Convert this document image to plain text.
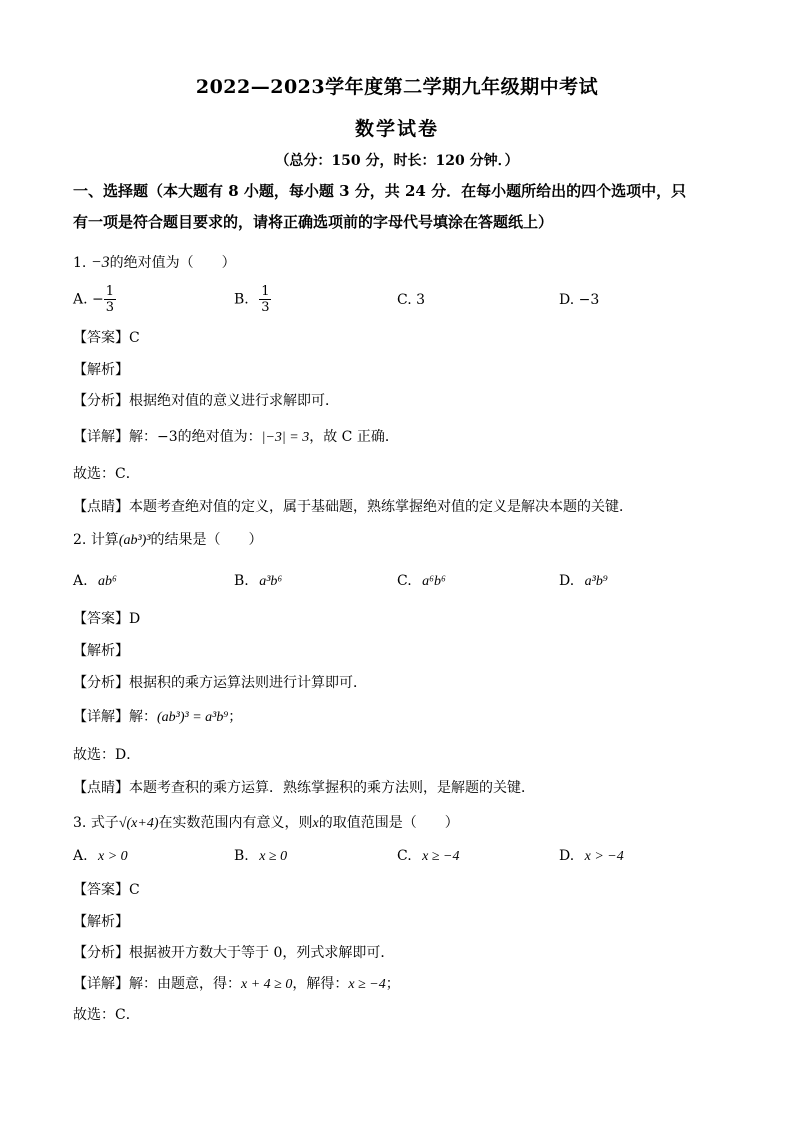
2022—2023学年度第二学期九年级期中考试
数学试卷
（总分：150 分，时长：120 分钟．）
一、选择题（本大题有 8 小题，每小题 3 分，共 24 分．在每小题所给出的四个选项中，只
有一项是符合题目要求的，请将正确选项前的字母代号填涂在答题纸上）
1. −3的绝对值为（　　）
A. − $\frac{1}{3}$	B. $\frac{1}{3}$	C. 3	D. −3
【答案】C
【解析】
【分析】根据绝对值的意义进行求解即可．
【详解】解：−3的绝对值为：|−3| = 3，故 C 正确．
故选：C．
【点睛】本题考查绝对值的定义，属于基础题，熟练掌握绝对值的定义是解决本题的关键．
2. 计算(ab³)³的结果是（　　）
A. ab⁶	B. a³b⁶	C. a⁶b⁶	D. a³b⁹
【答案】D
【解析】
【分析】根据积的乘方运算法则进行计算即可．
【详解】解：(ab³)³ = a³b⁹；
故选：D．
【点睛】本题考查积的乘方运算．熟练掌握积的乘方法则，是解题的关键．
3. 式子√(x+4)在实数范围内有意义，则x的取值范围是（　　）
A. x > 0	B. x ≥ 0	C. x ≥ −4	D. x > −4
【答案】C
【解析】
【分析】根据被开方数大于等于 0，列式求解即可．
【详解】解：由题意，得：x + 4 ≥ 0，解得：x ≥ −4；
故选：C．
